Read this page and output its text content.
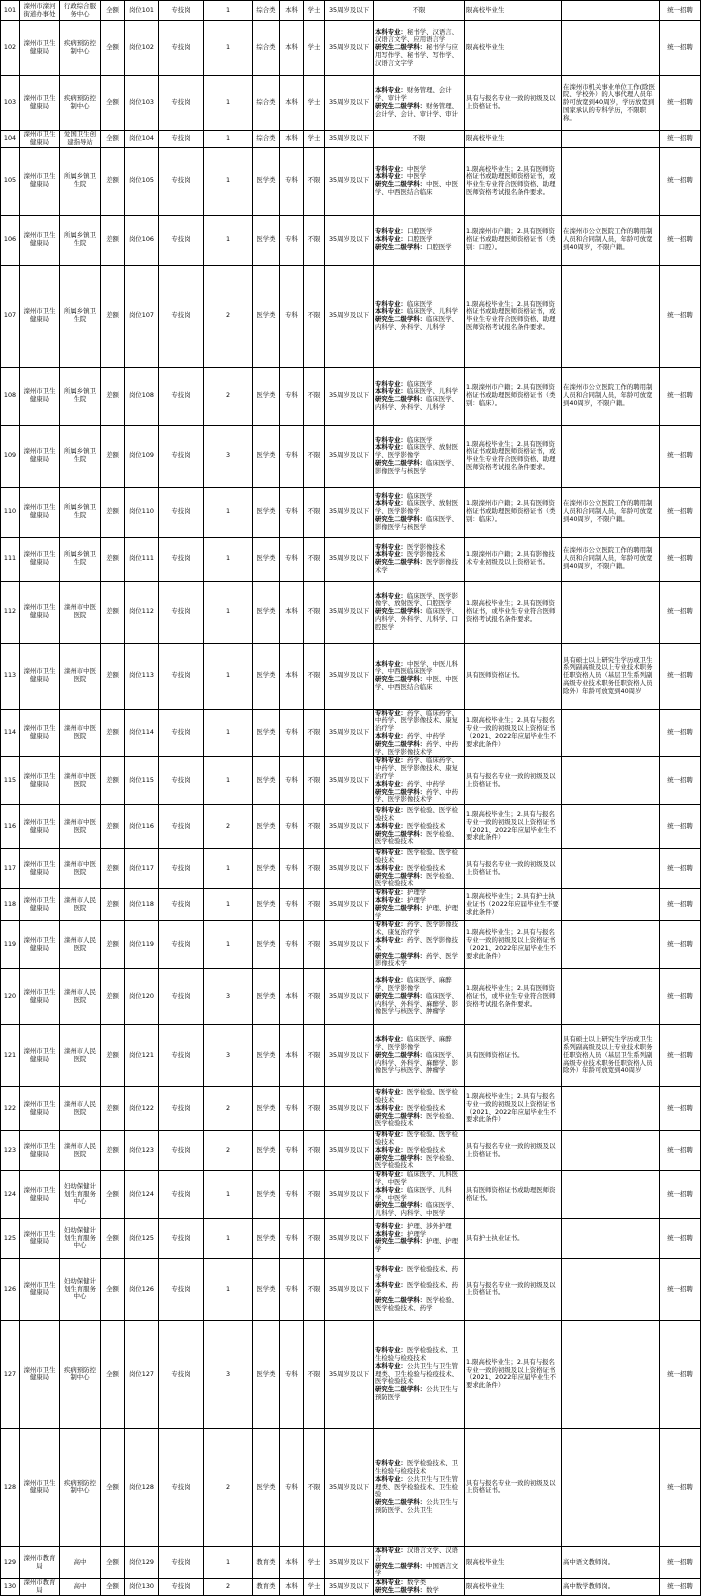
101	滦州市滦河街道办事处	行政综合服务中心	全额	岗位101	专技岗	1	综合类	本科	学士	35周岁及以下	不限	限高校毕业生		统一招聘
102	滦州市卫生健康局	疾病预防控制中心	全额	岗位102	专技岗	1	综合类	本科	学士	35周岁及以下	本科专业：秘书学、汉语言、汉语言文学、应用语言学
研究生二级学科：秘书学与应用写作学、秘书学、写作学、汉语言文字学	限高校毕业生		统一招聘
103	滦州市卫生健康局	疾病预防控制中心	全额	岗位103	专技岗	1	综合类	本科	学士	35周岁及以下	本科专业：财务管理、会计学、审计学
研究生二级学科：财务管理、会计学、会计、审计学、审计	具有与报名专业一致的初级及以上资格证书。	在滦州市机关事业单位工作(除医院、学校外）的人事代理人员年龄可放宽到40周岁，学历放宽到国家承认的专科学历，不限职称。	统一招聘
104	滦州市卫生健康局	爱国卫生创建指导站	全额	岗位104	专技岗	1	综合类	本科	学士	35周岁及以下	不限	限高校毕业生		统一招聘
105	滦州市卫生健康局	所属乡镇卫生院	差额	岗位105	专技岗	1	医学类	专科	不限	35周岁及以下	专科专业：中医学
本科专业：中医学
研究生二级学科：中医、中医学、中西医结合临床	1.限高校毕业生；2.具有医师资格证书或助理医师资格证书，或毕业生专业符合医师资格、助理医师资格考试报名条件要求。		统一招聘
106	滦州市卫生健康局	所属乡镇卫生院	差额	岗位106	专技岗	1	医学类	专科	不限	35周岁及以下	专科专业：口腔医学
本科专业：口腔医学
研究生二级学科：口腔医学	1.限滦州市户籍；2.具有医师资格证书或助理医师资格证书（类别：口腔）。	在滦州市公立医院工作的聘用制人员和合同制人员，年龄可放宽到40周岁，不限户籍。	统一招聘
107	滦州市卫生健康局	所属乡镇卫生院	差额	岗位107	专技岗	2	医学类	专科	不限	35周岁及以下	专科专业：临床医学
本科专业：临床医学、儿科学
研究生二级学科：临床医学、内科学、外科学、儿科学	1.限高校毕业生；2.具有医师资格证书或助理医师资格证书，或毕业生专业符合医师资格、助理医师资格考试报名条件要求。		统一招聘
108	滦州市卫生健康局	所属乡镇卫生院	差额	岗位108	专技岗	2	医学类	专科	不限	35周岁及以下	专科专业：临床医学
本科专业：临床医学、儿科学
研究生二级学科：临床医学、内科学、外科学、儿科学	1.限滦州市户籍；2.具有医师资格证书或助理医师资格证书（类别：临床）。	在滦州市公立医院工作的聘用制人员和合同制人员，年龄可放宽到40周岁，不限户籍。	统一招聘
109	滦州市卫生健康局	所属乡镇卫生院	差额	岗位109	专技岗	3	医学类	专科	不限	35周岁及以下	专科专业：临床医学
本科专业：临床医学、放射医学、医学影像学
研究生二级学科：临床医学、影像医学与核医学	1.限高校毕业生；2.具有医师资格证书或助理医师资格证书，或毕业生专业符合医师资格、助理医师资格考试报名条件要求。		统一招聘
110	滦州市卫生健康局	所属乡镇卫生院	差额	岗位110	专技岗	1	医学类	专科	不限	35周岁及以下	专科专业：临床医学
本科专业：临床医学、放射医学、医学影像学
研究生二级学科：临床医学、影像医学与核医学	1.限滦州市户籍；2.具有医师资格证书或助理医师资格证书（类别：临床）。	在滦州市公立医院工作的聘用制人员和合同制人员，年龄可放宽到40周岁，不限户籍。	统一招聘
111	滦州市卫生健康局	所属乡镇卫生院	差额	岗位111	专技岗	1	医学类	专科	不限	35周岁及以下	专科专业：医学影像技术
本科专业：医学影像技术
研究生二级学科：医学影像技术学	1.限滦州市户籍；2.具有影像技术专业初级及以上资格证书。	在滦州市公立医院工作的聘用制人员和合同制人员，年龄可放宽到40周岁，不限户籍。	统一招聘
112	滦州市卫生健康局	滦州市中医医院	差额	岗位112	专技岗	1	医学类	本科	不限	35周岁及以下	本科专业：临床医学、医学影像学、放射医学、口腔医学
研究生二级学科：临床医学、内科学、外科学、儿科学、口腔医学	1.限高校毕业生；2.具有医师资格证书，或毕业生专业符合医师资格考试报名条件要求。		统一招聘
113	滦州市卫生健康局	滦州市中医医院	差额	岗位113	专技岗	1	医学类	本科	不限	35周岁及以下	本科专业：中医学、中医儿科学、中西医临床医学
研究生二级学科：中医、中医学、中西医结合临床	具有医师资格证书。	具有硕士以上研究生学历或卫生系列副高级及以上专业技术职务任职资格人员（基层卫生系列副高级专业技术职务任职资格人员除外）年龄可放宽到40周岁	统一招聘
114	滦州市卫生健康局	滦州市中医医院	差额	岗位114	专技岗	1	医学类	专科	不限	35周岁及以下	专科专业：药学、临床药学、中药学、医学影像技术、康复治疗学
本科专业：药学、中药学
研究生二级学科：药学、中药学、医学影像技术学	1.限高校毕业生；2.具有与报名专业一致的初级及以上资格证书（2021、2022年应届毕业生不要求此条件）		统一招聘
115	滦州市卫生健康局	滦州市中医医院	差额	岗位115	专技岗	1	医学类	专科	不限	35周岁及以下	专科专业：药学、临床药学、中药学、医学影像技术、康复治疗学
本科专业：药学、中药学
研究生二级学科：药学、中药学、医学影像技术学	具有与报名专业一致的初级及以上资格证书。		统一招聘
116	滦州市卫生健康局	滦州市中医医院	差额	岗位116	专技岗	2	医学类	专科	不限	35周岁及以下	专科专业：医学检验、医学检验技术
本科专业：医学检验技术
研究生二级学科：医学检验、医学检验技术	1.限高校毕业生；2.具有与报名专业一致的初级及以上资格证书（2021、2022年应届毕业生不要求此条件）		统一招聘
117	滦州市卫生健康局	滦州市中医医院	差额	岗位117	专技岗	1	医学类	专科	不限	35周岁及以下	专科专业：医学检验、医学检验技术
本科专业：医学检验技术
研究生二级学科：医学检验、医学检验技术	具有与报名专业一致的初级及以上资格证书。		统一招聘
118	滦州市卫生健康局	滦州市人民医院	差额	岗位118	专技岗	1	医学类	专科	不限	35周岁及以下	专科专业：护理学
本科专业：护理学
研究生二级学科：护理、护理学	1.限高校毕业生；2.具有护士执业证书（2022年应届毕业生不要求此条件）		统一招聘
119	滦州市卫生健康局	滦州市人民医院	差额	岗位119	专技岗	1	医学类	专科	不限	35周岁及以下	专科专业：药学、医学影像技术、康复治疗学
本科专业：药学、医学影像技术
研究生二级学科：药学、医学影像技术学	1.限高校毕业生；2.具有与报名专业一致的初级及以上资格证书（2021、2022年应届毕业生不要求此条件）		统一招聘
120	滦州市卫生健康局	滦州市人民医院	差额	岗位120	专技岗	3	医学类	本科	不限	35周岁及以下	本科专业：临床医学、麻醉学、医学影像学
研究生二级学科：临床医学、内科学、外科学、麻醉学、影像医学与核医学、肿瘤学	1.限高校毕业生；2.具有医师资格证书，或毕业生专业符合医师资格考试报名条件要求。		统一招聘
121	滦州市卫生健康局	滦州市人民医院	差额	岗位121	专技岗	3	医学类	本科	不限	35周岁及以下	本科专业：临床医学、麻醉学、医学影像学
研究生二级学科：临床医学、内科学、外科学、麻醉学、影像医学与核医学、肿瘤学	具有医师资格证书。	具有硕士以上研究生学历或卫生系列副高级及以上专业技术职务任职资格人员（基层卫生系列副高级专业技术职务任职资格人员除外）年龄可放宽到40周岁	统一招聘
122	滦州市卫生健康局	滦州市人民医院	差额	岗位122	专技岗	2	医学类	专科	不限	35周岁及以下	专科专业：医学检验、医学检验技术
本科专业：医学检验技术
研究生二级学科：医学检验、医学检验技术	1.限高校毕业生；2.具有与报名专业一致的初级及以上资格证书（2021、2022年应届毕业生不要求此条件）		统一招聘
123	滦州市卫生健康局	滦州市人民医院	差额	岗位123	专技岗	2	医学类	专科	不限	35周岁及以下	专科专业：医学检验、医学检验技术
本科专业：医学检验技术
研究生二级学科：医学检验、医学检验技术	具有与报名专业一致的初级及以上资格证书。		统一招聘
124	滦州市卫生健康局	妇幼保健计划生育服务中心	全额	岗位124	专技岗	1	医学类	专科	不限	35周岁及以下	专科专业：临床医学、儿科医学、中医学
本科专业：临床医学、儿科学、中医学
研究生二级学科：临床医学、儿科学、内科学、中医学	具有医师资格证书或助理医师资格证书。		统一招聘
125	滦州市卫生健康局	妇幼保健计划生育服务中心	全额	岗位125	专技岗	1	医学类	专科	不限	35周岁及以下	专科专业：护理、涉外护理
本科专业：护理学
研究生二级学科：护理、护理学	具有护士执业证书。		统一招聘
126	滦州市卫生健康局	妇幼保健计划生育服务中心	全额	岗位126	专技岗	1	医学类	专科	不限	35周岁及以下	专科专业：医学检验技术、药学
本科专业：医学检验技术、药学
研究生二级学科：医学检验、医学检验技术、药学	具有与报名专业一致的初级及以上资格证书。		统一招聘
127	滦州市卫生健康局	疾病预防控制中心	全额	岗位127	专技岗	3	医学类	专科	不限	35周岁及以下	专科专业：医学检验技术、卫生检验与检疫技术
本科专业：公共卫生与卫生管理类、卫生检验与检疫技术、医学检验技术
研究生二级学科：公共卫生与预防医学	1.限高校毕业生；2.具有与报名专业一致的初级及以上资格证书（2021、2022年应届毕业生不要求此条件）		统一招聘
128	滦州市卫生健康局	疾病预防控制中心	全额	岗位128	专技岗	2	医学类	专科	不限	35周岁及以下	专科专业：医学检验技术、卫生检验与检疫技术
本科专业：公共卫生与卫生管理类、医学检验技术、卫生检验
研究生二级学科：公共卫生与预防医学、公共卫生	具有与报名专业一致的初级及以上资格证书。		统一招聘
129	滦州市教育局	高中	全额	岗位129	专技岗	1	教育类	本科	学士	35周岁及以下	本科专业：汉语言文学、汉语言
研究生二级学科：中国语言文学	限高校毕业生	高中语文教师岗。	统一招聘
130	滦州市教育局	高中	全额	岗位130	专技岗	2	教育类	本科	学士	35周岁及以下	本科专业：数学类
研究生二级学科：数学	限高校毕业生	高中数学教师岗。	统一招聘
